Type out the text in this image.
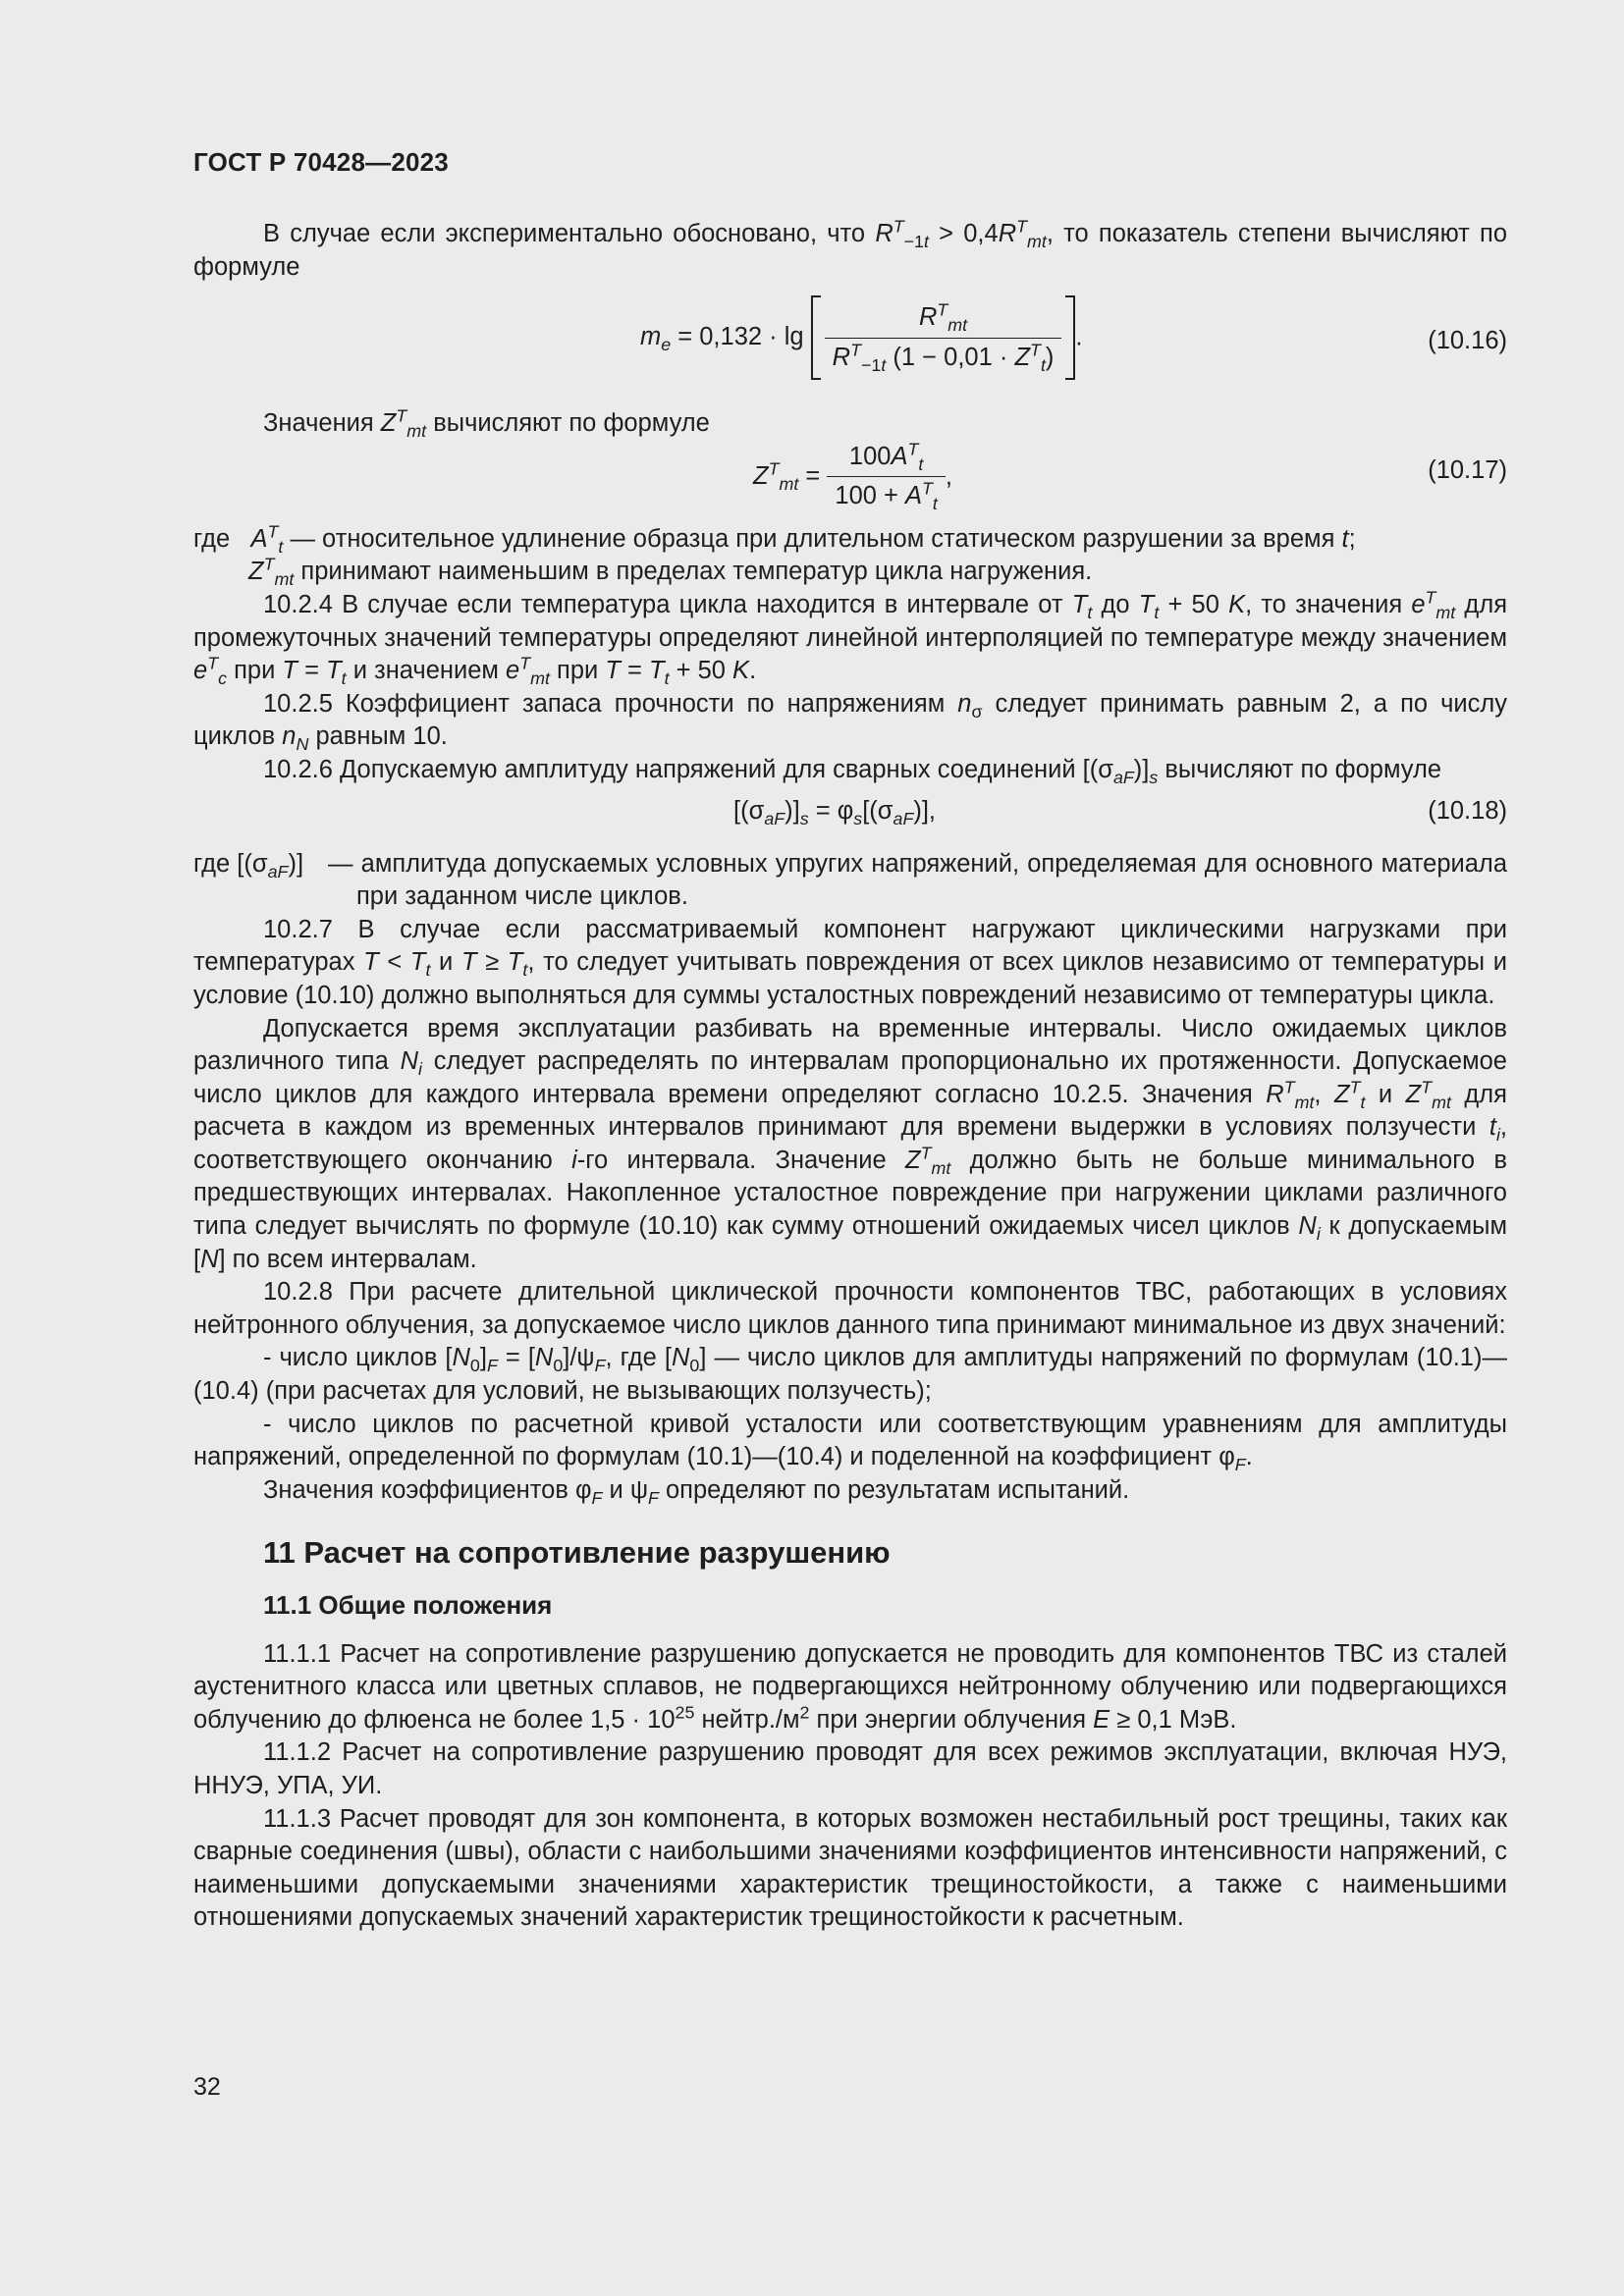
ГОСТ Р 70428—2023

В случае если экспериментально обосновано, что $R^T_{-1t} > 0,4R^T_{mt}$, то показатель степени вычисляют по формуле

$m_e = 0,132 \cdot \lg \frac{R^T_{mt}}{R^T_{-1t} (1 - 0,01 \cdot Z^T_t)}$ .	(10.16)

Значения $Z^T_{mt}$ вычисляют по формуле

$Z^T_{mt} = \frac{100A^T_t}{100 + A^T_t}$ ,	(10.17)

где $A^T_t$ — относительное удлинение образца при длительном статическом разрушении за время t;

$Z^T_{mt}$ принимают наименьшим в пределах температур цикла нагружения.

10.2.4 В случае если температура цикла находится в интервале от $T_t$ до $T_t + 50$ K, то значения $e^T_{mt}$ для промежуточных значений температуры определяют линейной интерполяцией по температуре между значением $e^T_c$ при $T = T_t$ и значением $e^T_{mt}$ при $T = T_t + 50$ K.

10.2.5 Коэффициент запаса прочности по напряжениям $n_\sigma$ следует принимать равным 2, а по числу циклов $n_N$ равным 10.

10.2.6 Допускаемую амплитуду напряжений для сварных соединений $[(\sigma_{aF})]_s$ вычисляют по формуле

$[(\sigma_{aF})]_s = \varphi_s[(\sigma_{aF})]$,	(10.18)
где $[(\sigma_{aF})]$ — амплитуда допускаемых условных упругих напряжений, определяемая для основного материала при заданном числе циклов.

10.2.7 В случае если рассматриваемый компонент нагружают циклическими нагрузками при температурах $T < T_t$ и $T \ge T_t$, то следует учитывать повреждения от всех циклов независимо от температуры и условие (10.10) должно выполняться для суммы усталостных повреждений независимо от температуры цикла.

Допускается время эксплуатации разбивать на временные интервалы. Число ожидаемых циклов различного типа $N_i$ следует распределять по интервалам пропорционально их протяженности. Допускаемое число циклов для каждого интервала времени определяют согласно 10.2.5. Значения $R^T_{mt}$, $Z^T_t$ и $Z^T_{mt}$ для расчета в каждом из временных интервалов принимают для времени выдержки в условиях ползучести $t_i$, соответствующего окончанию i-го интервала. Значение $Z^T_{mt}$ должно быть не больше минимального в предшествующих интервалах. Накопленное усталостное повреждение при нагружении циклами различного типа следует вычислять по формуле (10.10) как сумму отношений ожидаемых чисел циклов $N_i$ к допускаемым [N] по всем интервалам.

10.2.8 При расчете длительной циклической прочности компонентов ТВС, работающих в условиях нейтронного облучения, за допускаемое число циклов данного типа принимают минимальное из двух значений:

- число циклов $[N_0]_F = [N_0]/\psi_F$, где $[N_0]$ — число циклов для амплитуды напряжений по формулам (10.1)—(10.4) (при расчетах для условий, не вызывающих ползучесть);

- число циклов по расчетной кривой усталости или соответствующим уравнениям для амплитуды напряжений, определенной по формулам (10.1)—(10.4) и поделенной на коэффициент $\varphi_F$.

Значения коэффициентов $\varphi_F$ и $\psi_F$ определяют по результатам испытаний.

11 Расчет на сопротивление разрушению

11.1 Общие положения

11.1.1 Расчет на сопротивление разрушению допускается не проводить для компонентов ТВС из сталей аустенитного класса или цветных сплавов, не подвергающихся нейтронному облучению или подвергающихся облучению до флюенса не более $1,5 \cdot 10^{25}$ $нейтр./м^2$ при энергии облучения E ≥ 0,1 МэВ.

11.1.2 Расчет на сопротивление разрушению проводят для всех режимов эксплуатации, включая НУЭ, ННУЭ, УПА, УИ.

11.1.3 Расчет проводят для зон компонента, в которых возможен нестабильный рост трещины, таких как сварные соединения (швы), области с наибольшими значениями коэффициентов интенсивности напряжений, с наименьшими допускаемыми значениями характеристик трещиностойкости, а также с наименьшими отношениями допускаемых значений характеристик трещиностойкости к расчетным.

32
